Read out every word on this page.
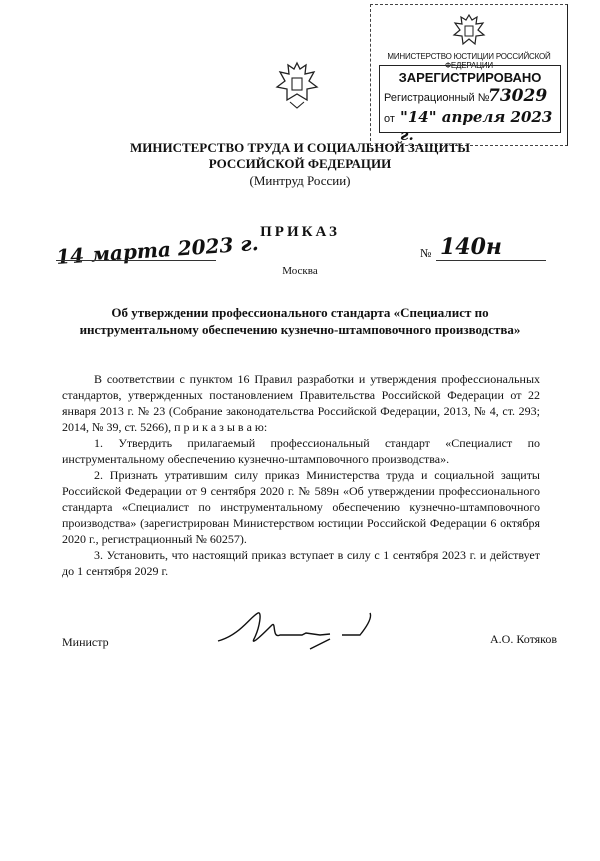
МИНИСТЕРСТВО ЮСТИЦИИ РОССИЙСКОЙ ФЕДЕРАЦИИ
ЗАРЕГИСТРИРОВАНО
Регистрационный №
73029
от "14" апреля 2023 г.
МИНИСТЕРСТВО ТРУДА И СОЦИАЛЬНОЙ ЗАЩИТЫ
РОССИЙСКОЙ ФЕДЕРАЦИИ
(Минтруд России)
ПРИКАЗ
14 марта 2023 г.	№ 140н
Москва
Об утверждении профессионального стандарта «Специалист по инструментальному обеспечению кузнечно-штамповочного производства»

В соответствии с пунктом 16 Правил разработки и утверждения профессиональных стандартов, утвержденных постановлением Правительства Российской Федерации от 22 января 2013 г. № 23 (Собрание законодательства Российской Федерации, 2013, № 4, ст. 293; 2014, № 39, ст. 5266), п р и к а з ы в а ю:

1. Утвердить прилагаемый профессиональный стандарт «Специалист по инструментальному обеспечению кузнечно-штамповочного производства».

2. Признать утратившим силу приказ Министерства труда и социальной защиты Российской Федерации от 9 сентября 2020 г. № 589н «Об утверждении профессионального стандарта «Специалист по инструментальному обеспечению кузнечно-штамповочного производства» (зарегистрирован Министерством юстиции Российской Федерации 6 октября 2020 г., регистрационный № 60257).

3. Установить, что настоящий приказ вступает в силу с 1 сентября 2023 г. и действует до 1 сентября 2029 г.

Министр	А.О. Котяков
